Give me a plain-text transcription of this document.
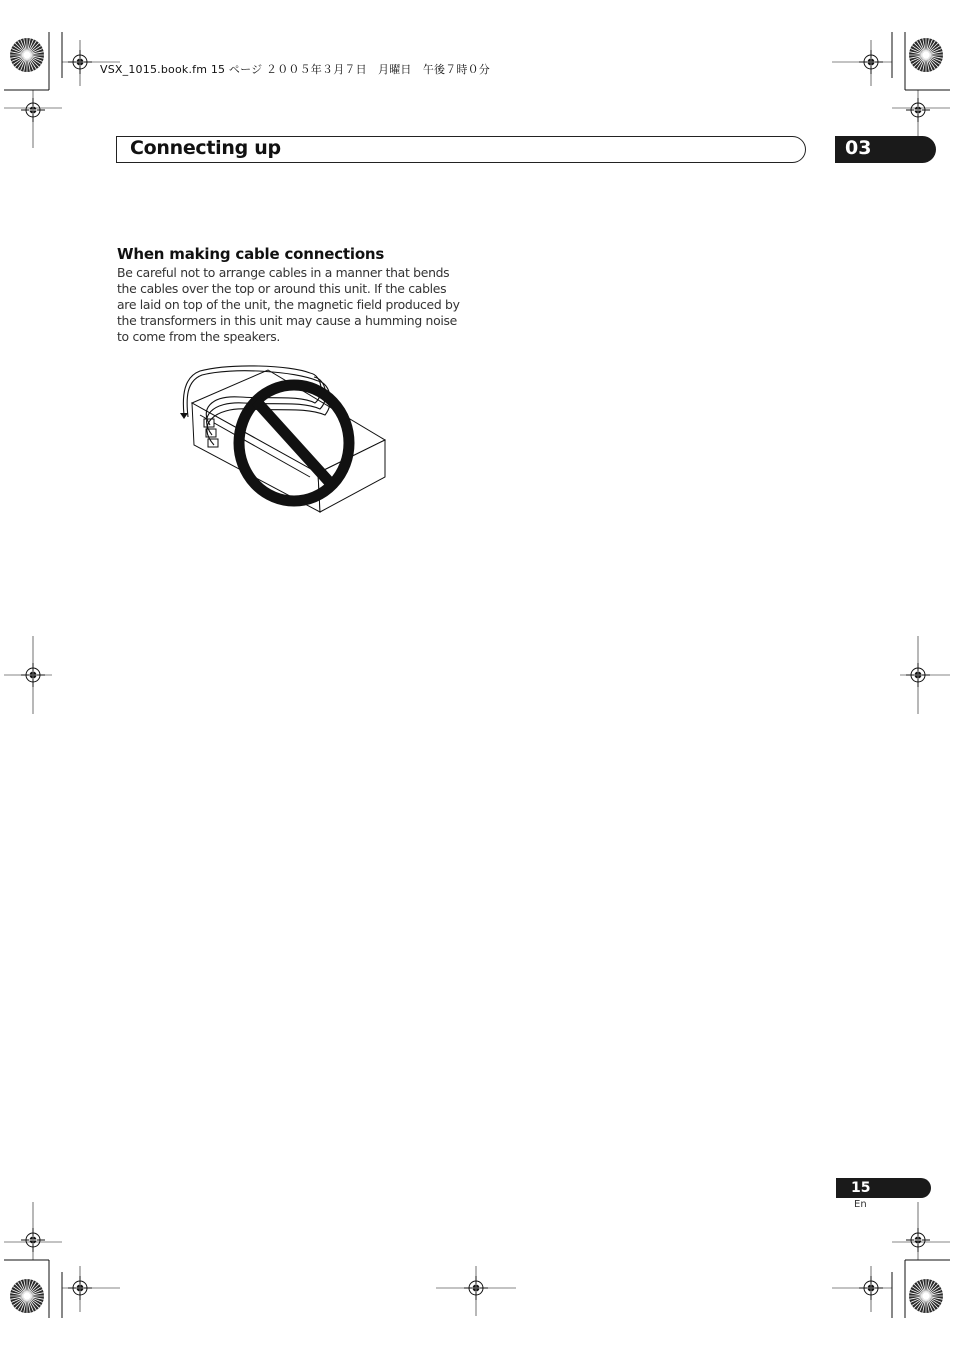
VSX_1015.book.fm 15 ページ ２００５年３月７日　月曜日　午後７時０分
Connecting up	03
When making cable connections
Be careful not to arrange cables in a manner that bends
the cables over the top or around this unit. If the cables
are laid on top of the unit, the magnetic field produced by
the transformers in this unit may cause a humming noise
to come from the speakers.
15
En
